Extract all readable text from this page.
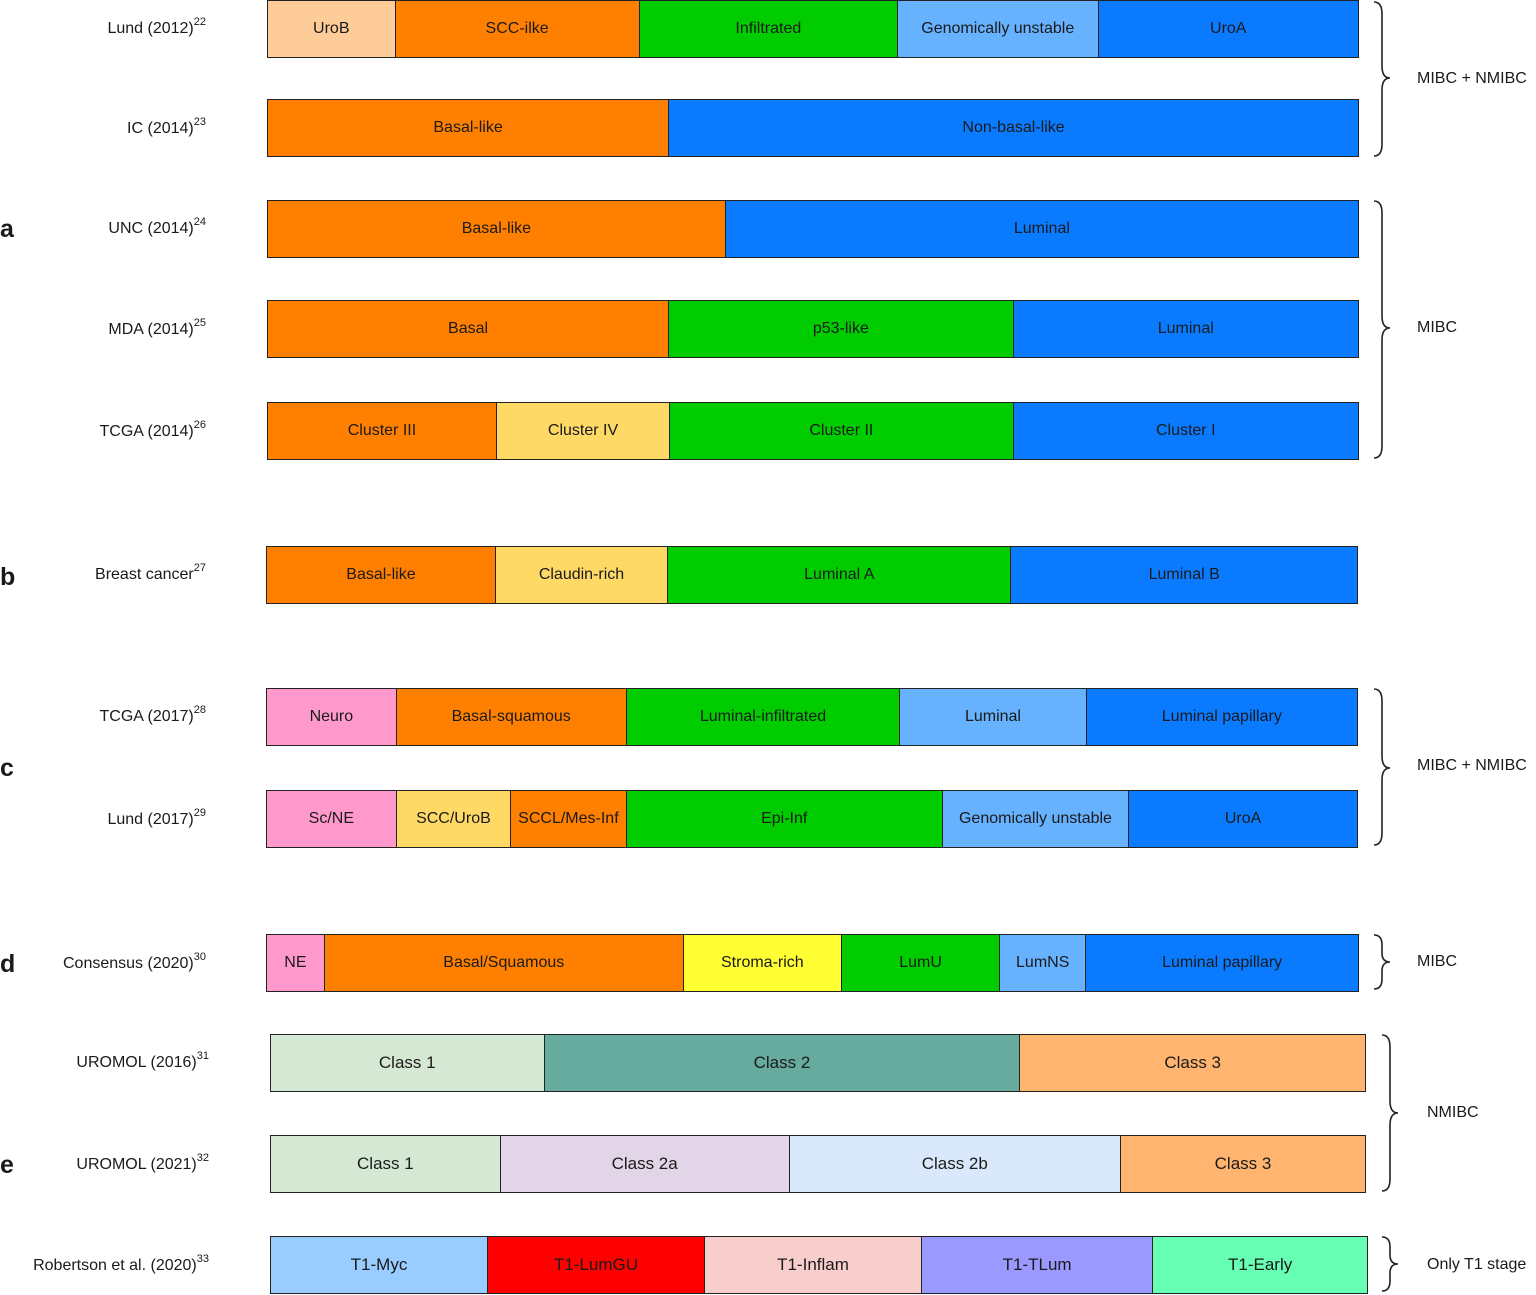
a
b
c
d
e
Lund $(2012)^{22}$
IC $(2014)^{23}$
UNC $(2014)^{24}$
MDA $(2014)^{25}$
TCGA $(2014)^{26}$
Breast cancer$^{27}$
TCGA $(2017)^{28}$
Lund $(2017)^{29}$
Consensus $(2020)^{30}$
UROMOL $(2016)^{31}$
UROMOL $(2021)^{32}$
Robertson et al. $(2020)^{33}$
UroB	SCC-ilke	Infiltrated	Genomically unstable	UroA
Basal-like	Non-basal-like
Basal-like	Luminal
Basal	p53-like	Luminal
Cluster III	Cluster IV	Cluster II	Cluster I
Basal-like	Claudin-rich	Luminal A	Luminal B
Neuro	Basal-squamous	Luminal-infiltrated	Luminal	Luminal papillary
Sc/NE	SCC/UroB	SCCL/Mes-Inf	Epi-Inf	Genomically unstable	UroA
NE	Basal/Squamous	Stroma-rich	LumU	LumNS	Luminal papillary
Class 1	Class 2	Class 3
Class 1	Class 2a	Class 2b	Class 3
T1-Myc	T1-LumGU	T1-Inflam	T1-TLum	T1-Early
MIBC + NMIBC
MIBC
MIBC + NMIBC
MIBC
NMIBC
Only T1 stage
